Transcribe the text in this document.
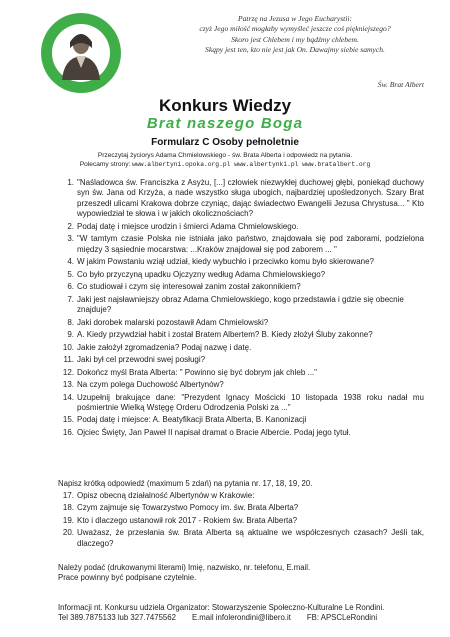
Patrzę na Jezusa w Jego Eucharystii:
czyż Jego miłość mogłaby wymyśleć jeszcze coś piękniejszego?
Skoro jest Chlebem i my bądźmy chlebem.
Skąpy jest ten, kto nie jest jak On. Dawajmy siebie samych.
Św. Brat Albert
Konkurs Wiedzy
Brat naszego Boga
Formularz C Osoby pełnoletnie
Przeczytaj życiorys Adama Chmielowskiego - św. Brata Alberta i odpowiedz na pytania.
Polecamy strony: www.albertyni.opoka.org.pl www.albertynki.pl www.bratalbert.org
1. "Naśladowca św. Franciszka z Asyżu, [...] człowiek niezwykłej duchowej głębi, poniekąd duchowy syn św. Jana od Krzyża, a nade wszystko sługa ubogich, najbardziej upośledzonych. Szary Brat przeszedł ulicami Krakowa dobrze czyniąc, dając świadectwo Ewangelii Jezusa Chrystusa... " Kto wypowiedział te słowa i w jakich okolicznościach?
2. Podaj datę i miejsce urodzin i śmierci Adama Chmielowskiego.
3. "W tamtym czasie Polska nie istniała jako państwo, znajdowała się pod zaborami, podzielona między 3 sąsiednie mocarstwa: ...Kraków znajdował się pod zaborem ... "
4. W jakim Powstaniu wziął udział, kiedy wybuchło i przeciwko komu było skierowane?
5. Co było przyczyną upadku Ojczyzny według Adama Chmielowskiego?
6. Co studiował i czym się interesował zanim został zakonnikiem?
7. Jaki jest najsławniejszy obraz Adama Chmielowskiego, kogo przedstawia i gdzie się obecnie znajduje?
8. Jaki dorobek malarski pozostawił Adam Chmielowski?
9. A. Kiedy przywdział habit i został Bratem Albertem? B. Kiedy złożył Śluby zakonne?
10. Jakie założył zgromadzenia? Podaj nazwę i datę.
11. Jaki był cel przewodni swej posługi?
12. Dokończ myśl Brata Alberta: " Powinno się być dobrym jak chleb ..."
13. Na czym polega Duchowość Albertynów?
14. Uzupełnij brakujące dane: "Prezydent Ignacy Mościcki 10 listopada 1938 roku nadał mu pośmiertnie Wielką Wstęgę Orderu Odrodzenia Polski za ..."
15. Podaj datę i miejsce: A. Beatyfikacji Brata Alberta, B. Kanonizacji
16. Ojciec Święty, Jan Paweł II napisał dramat o Bracie Albercie. Podaj jego tytuł.
Napisz krótką odpowiedź (maximum 5 zdań) na pytania nr. 17, 18, 19, 20.
17. Opisz obecną działalność Albertynów w Krakowie:
18. Czym zajmuje się Towarzystwo Pomocy im. św. Brata Alberta?
19. Kto i dlaczego ustanowił rok 2017 - Rokiem św. Brata Alberta?
20. Uważasz, że przesłania św. Brata Alberta są aktualne we współczesnych czasach? Jeśli tak, dlaczego?
Należy podać (drukowanymi literami) Imię, nazwisko, nr. telefonu, E.mail.
Prace powinny być podpisane czytelnie.
Informacji nt. Konkursu udziela Organizator: Stowarzyszenie Społeczno-Kulturalne Le Rondini.
Tel 389.7875133 lub 327.7475562 E.mail infolerondini@libero.it FB: APSCLeRondini
